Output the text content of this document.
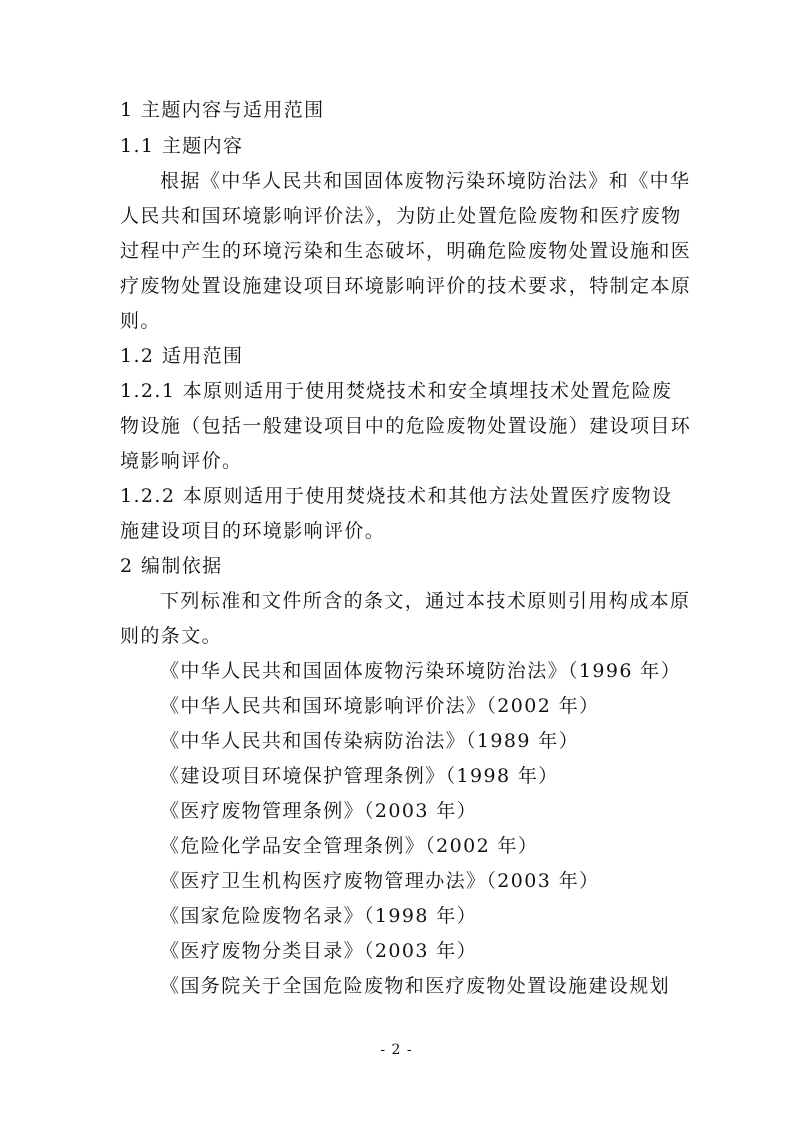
1 主题内容与适用范围
1.1 主题内容
根据《中华人民共和国固体废物污染环境防治法》和《中华
人民共和国环境影响评价法》，为防止处置危险废物和医疗废物
过程中产生的环境污染和生态破坏，明确危险废物处置设施和医
疗废物处置设施建设项目环境影响评价的技术要求，特制定本原
则。
1.2 适用范围
1.2.1 本原则适用于使用焚烧技术和安全填埋技术处置危险废
物设施（包括一般建设项目中的危险废物处置设施）建设项目环
境影响评价。
1.2.2 本原则适用于使用焚烧技术和其他方法处置医疗废物设
施建设项目的环境影响评价。
2 编制依据
下列标准和文件所含的条文，通过本技术原则引用构成本原
则的条文。
《中华人民共和国固体废物污染环境防治法》（1996 年）
《中华人民共和国环境影响评价法》（2002 年）
《中华人民共和国传染病防治法》（1989 年）
《建设项目环境保护管理条例》（1998 年）
《医疗废物管理条例》（2003 年）
《危险化学品安全管理条例》（2002 年）
《医疗卫生机构医疗废物管理办法》（2003 年）
《国家危险废物名录》（1998 年）
《医疗废物分类目录》（2003 年）
《国务院关于全国危险废物和医疗废物处置设施建设规划
- 2 -
